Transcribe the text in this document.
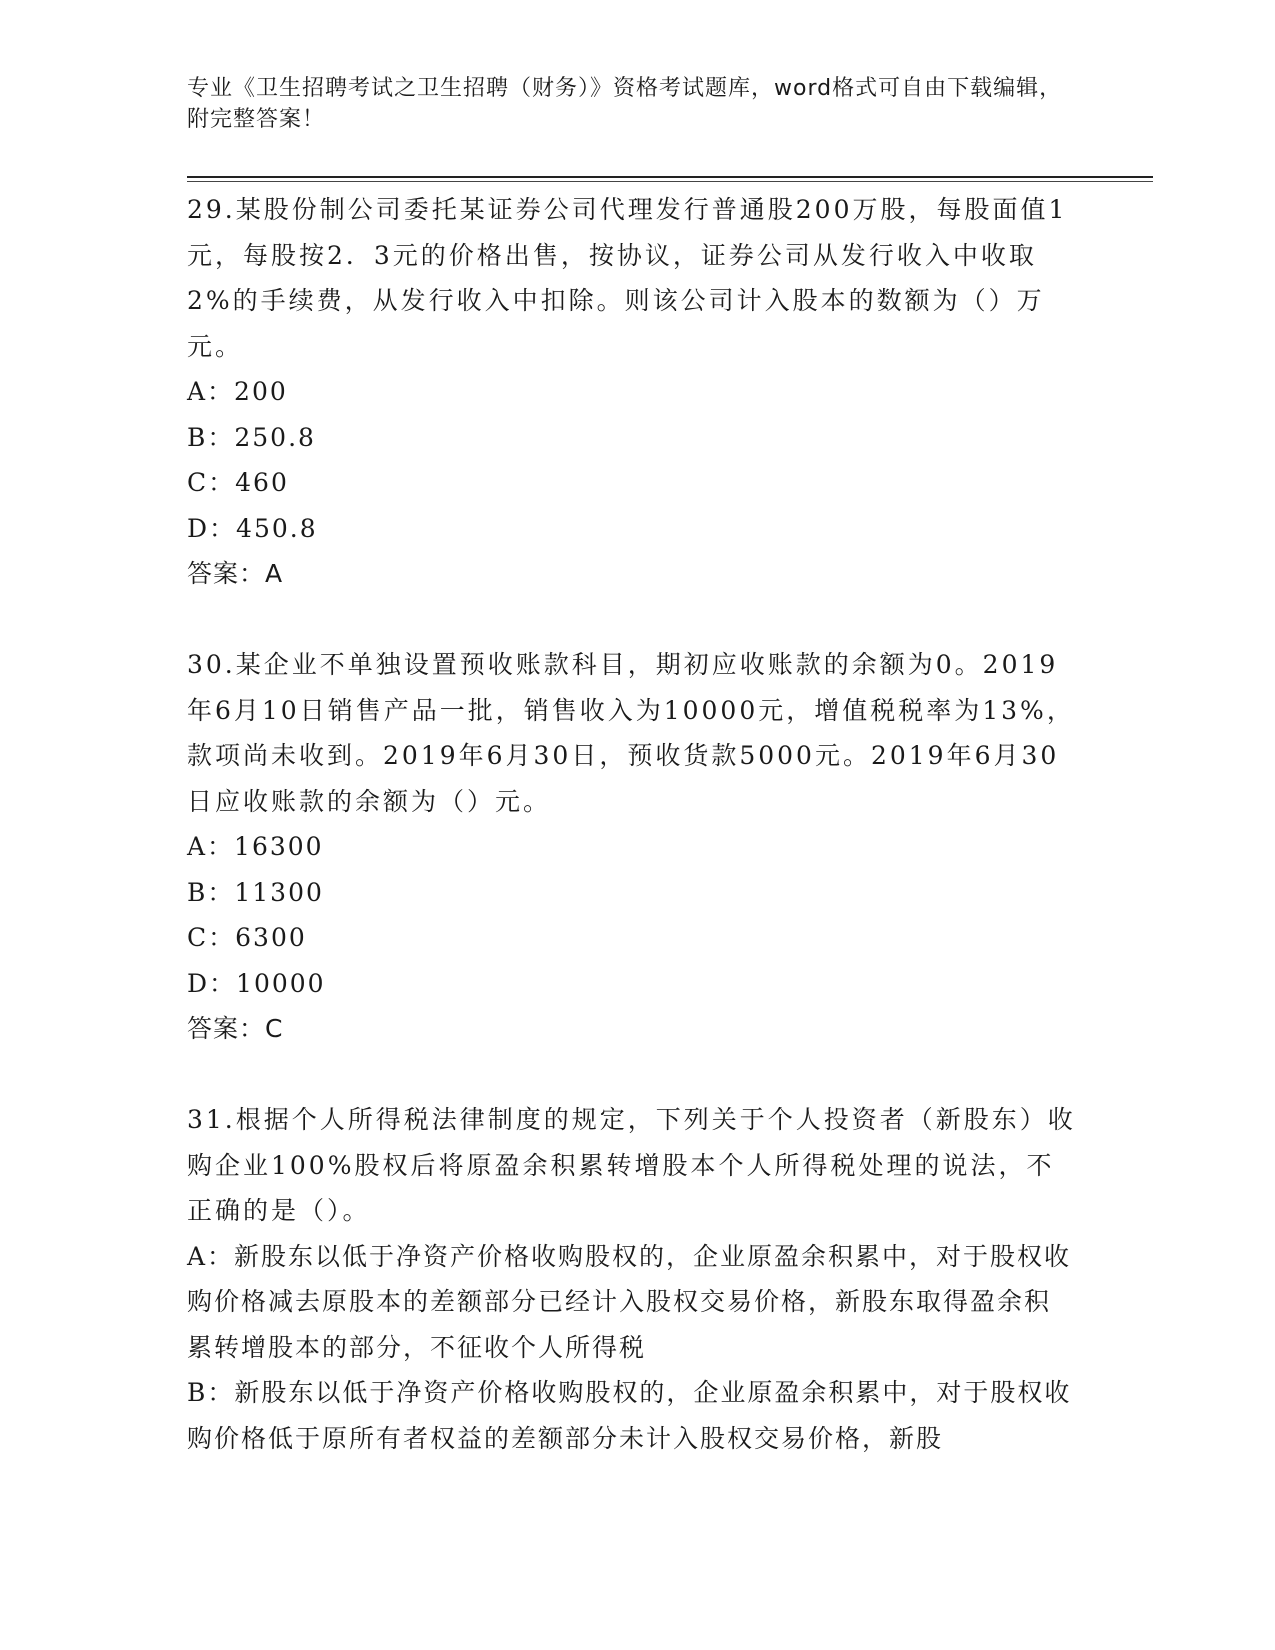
专业《卫生招聘考试之卫生招聘（财务）》资格考试题库，word格式可自由下载编辑，附完整答案！

29.某股份制公司委托某证券公司代理发行普通股200万股，每股面值1元，每股按2．3元的价格出售，按协议，证券公司从发行收入中收取2%的手续费，从发行收入中扣除。则该公司计入股本的数额为（）万元。

A：200

B：250.8

C：460

D：450.8

答案：A

30.某企业不单独设置预收账款科目，期初应收账款的余额为0。2019年6月10日销售产品一批，销售收入为10000元，增值税税率为13%，款项尚未收到。2019年6月30日，预收货款5000元。2019年6月30日应收账款的余额为（）元。

A：16300

B：11300

C：6300

D：10000

答案：C

31.根据个人所得税法律制度的规定，下列关于个人投资者（新股东）收购企业100%股权后将原盈余积累转增股本个人所得税处理的说法，不正确的是（）。

A：新股东以低于净资产价格收购股权的，企业原盈余积累中，对于股权收购价格减去原股本的差额部分已经计入股权交易价格，新股东取得盈余积累转增股本的部分，不征收个人所得税

B：新股东以低于净资产价格收购股权的，企业原盈余积累中，对于股权收购价格低于原所有者权益的差额部分未计入股权交易价格，新股
